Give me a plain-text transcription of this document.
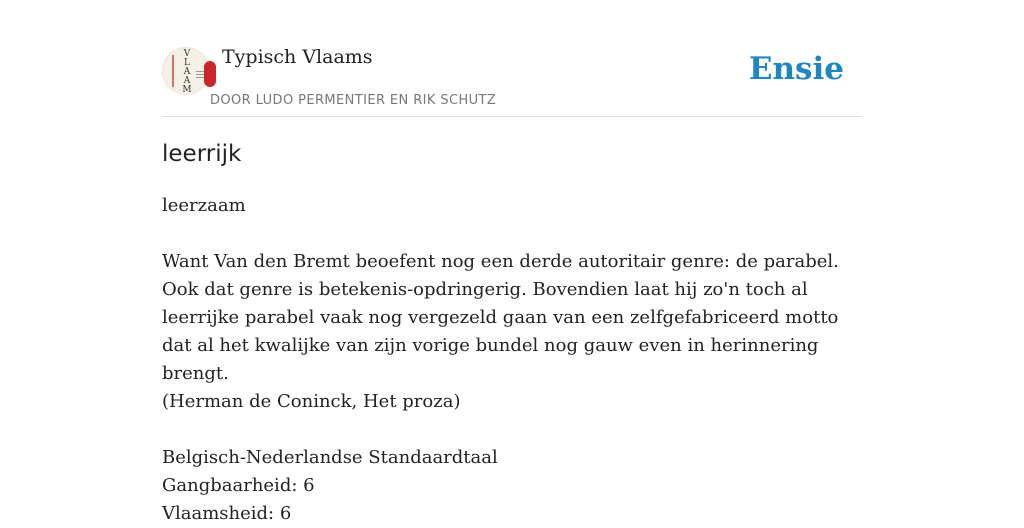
V
L
A
A
M
Typisch Vlaams
DOOR LUDO PERMENTIER EN RIK SCHUTZ
Ensie
leerrijk
leerzaam
Want Van den Bremt beoefent nog een derde autoritair genre: de parabel. Ook dat genre is betekenis-opdringerig. Bovendien laat hij zo'n toch al leerrijke parabel vaak nog vergezeld gaan van een zelfgefabriceerd motto dat al het kwalijke van zijn vorige bundel nog gauw even in herinnering brengt.
(Herman de Coninck, Het proza)
Belgisch-Nederlandse Standaardtaal
Gangbaarheid: 6
Vlaamsheid: 6
